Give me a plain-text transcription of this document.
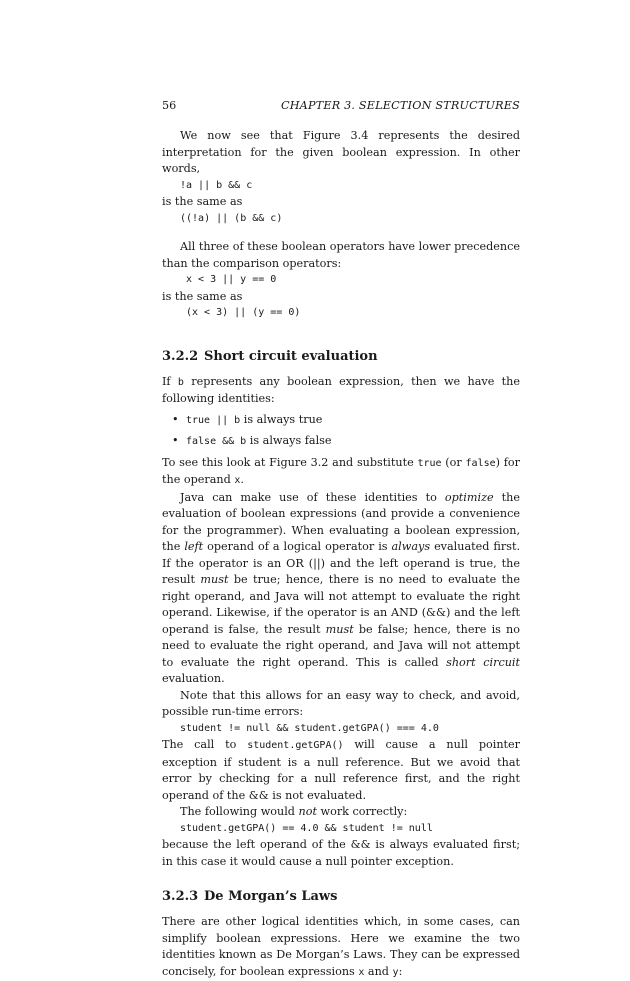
56	CHAPTER 3. SELECTION STRUCTURES

We now see that Figure 3.4 represents the desired interpretation for the given boolean expression. In other words,

!a || b && c

is the same as

((!a) || (b && c)

All three of these boolean operators have lower precedence than the comparison operators:

x < 3 || y == 0

is the same as

(x < 3) || (y == 0)
3.2.2 Short circuit evaluation

If b represents any boolean expression, then we have the following identities:

• true || b is always true
• false && b is always false

To see this look at Figure 3.2 and substitute true (or false) for the operand x.

Java can make use of these identities to optimize the evaluation of boolean expressions (and provide a convenience for the programmer). When evaluating a boolean expression, the left operand of a logical operator is always evaluated first. If the operator is an OR (||) and the left operand is true, the result must be true; hence, there is no need to evaluate the right operand, and Java will not attempt to evaluate the right operand. Likewise, if the operator is an AND (&&) and the left operand is false, the result must be false; hence, there is no need to evaluate the right operand, and Java will not attempt to evaluate the right operand. This is called short circuit evaluation.

Note that this allows for an easy way to check, and avoid, possible run-time errors:

student != null && student.getGPA() === 4.0

The call to student.getGPA() will cause a null pointer exception if student is a null reference. But we avoid that error by checking for a null reference first, and the right operand of the && is not evaluated.

The following would not work correctly:

student.getGPA() == 4.0 && student != null

because the left operand of the && is always evaluated first; in this case it would cause a null pointer exception.

3.2.3 De Morgan’s Laws

There are other logical identities which, in some cases, can simplify boolean expressions. Here we examine the two identities known as De Morgan’s Laws. They can be expressed concisely, for boolean expressions x and y:
